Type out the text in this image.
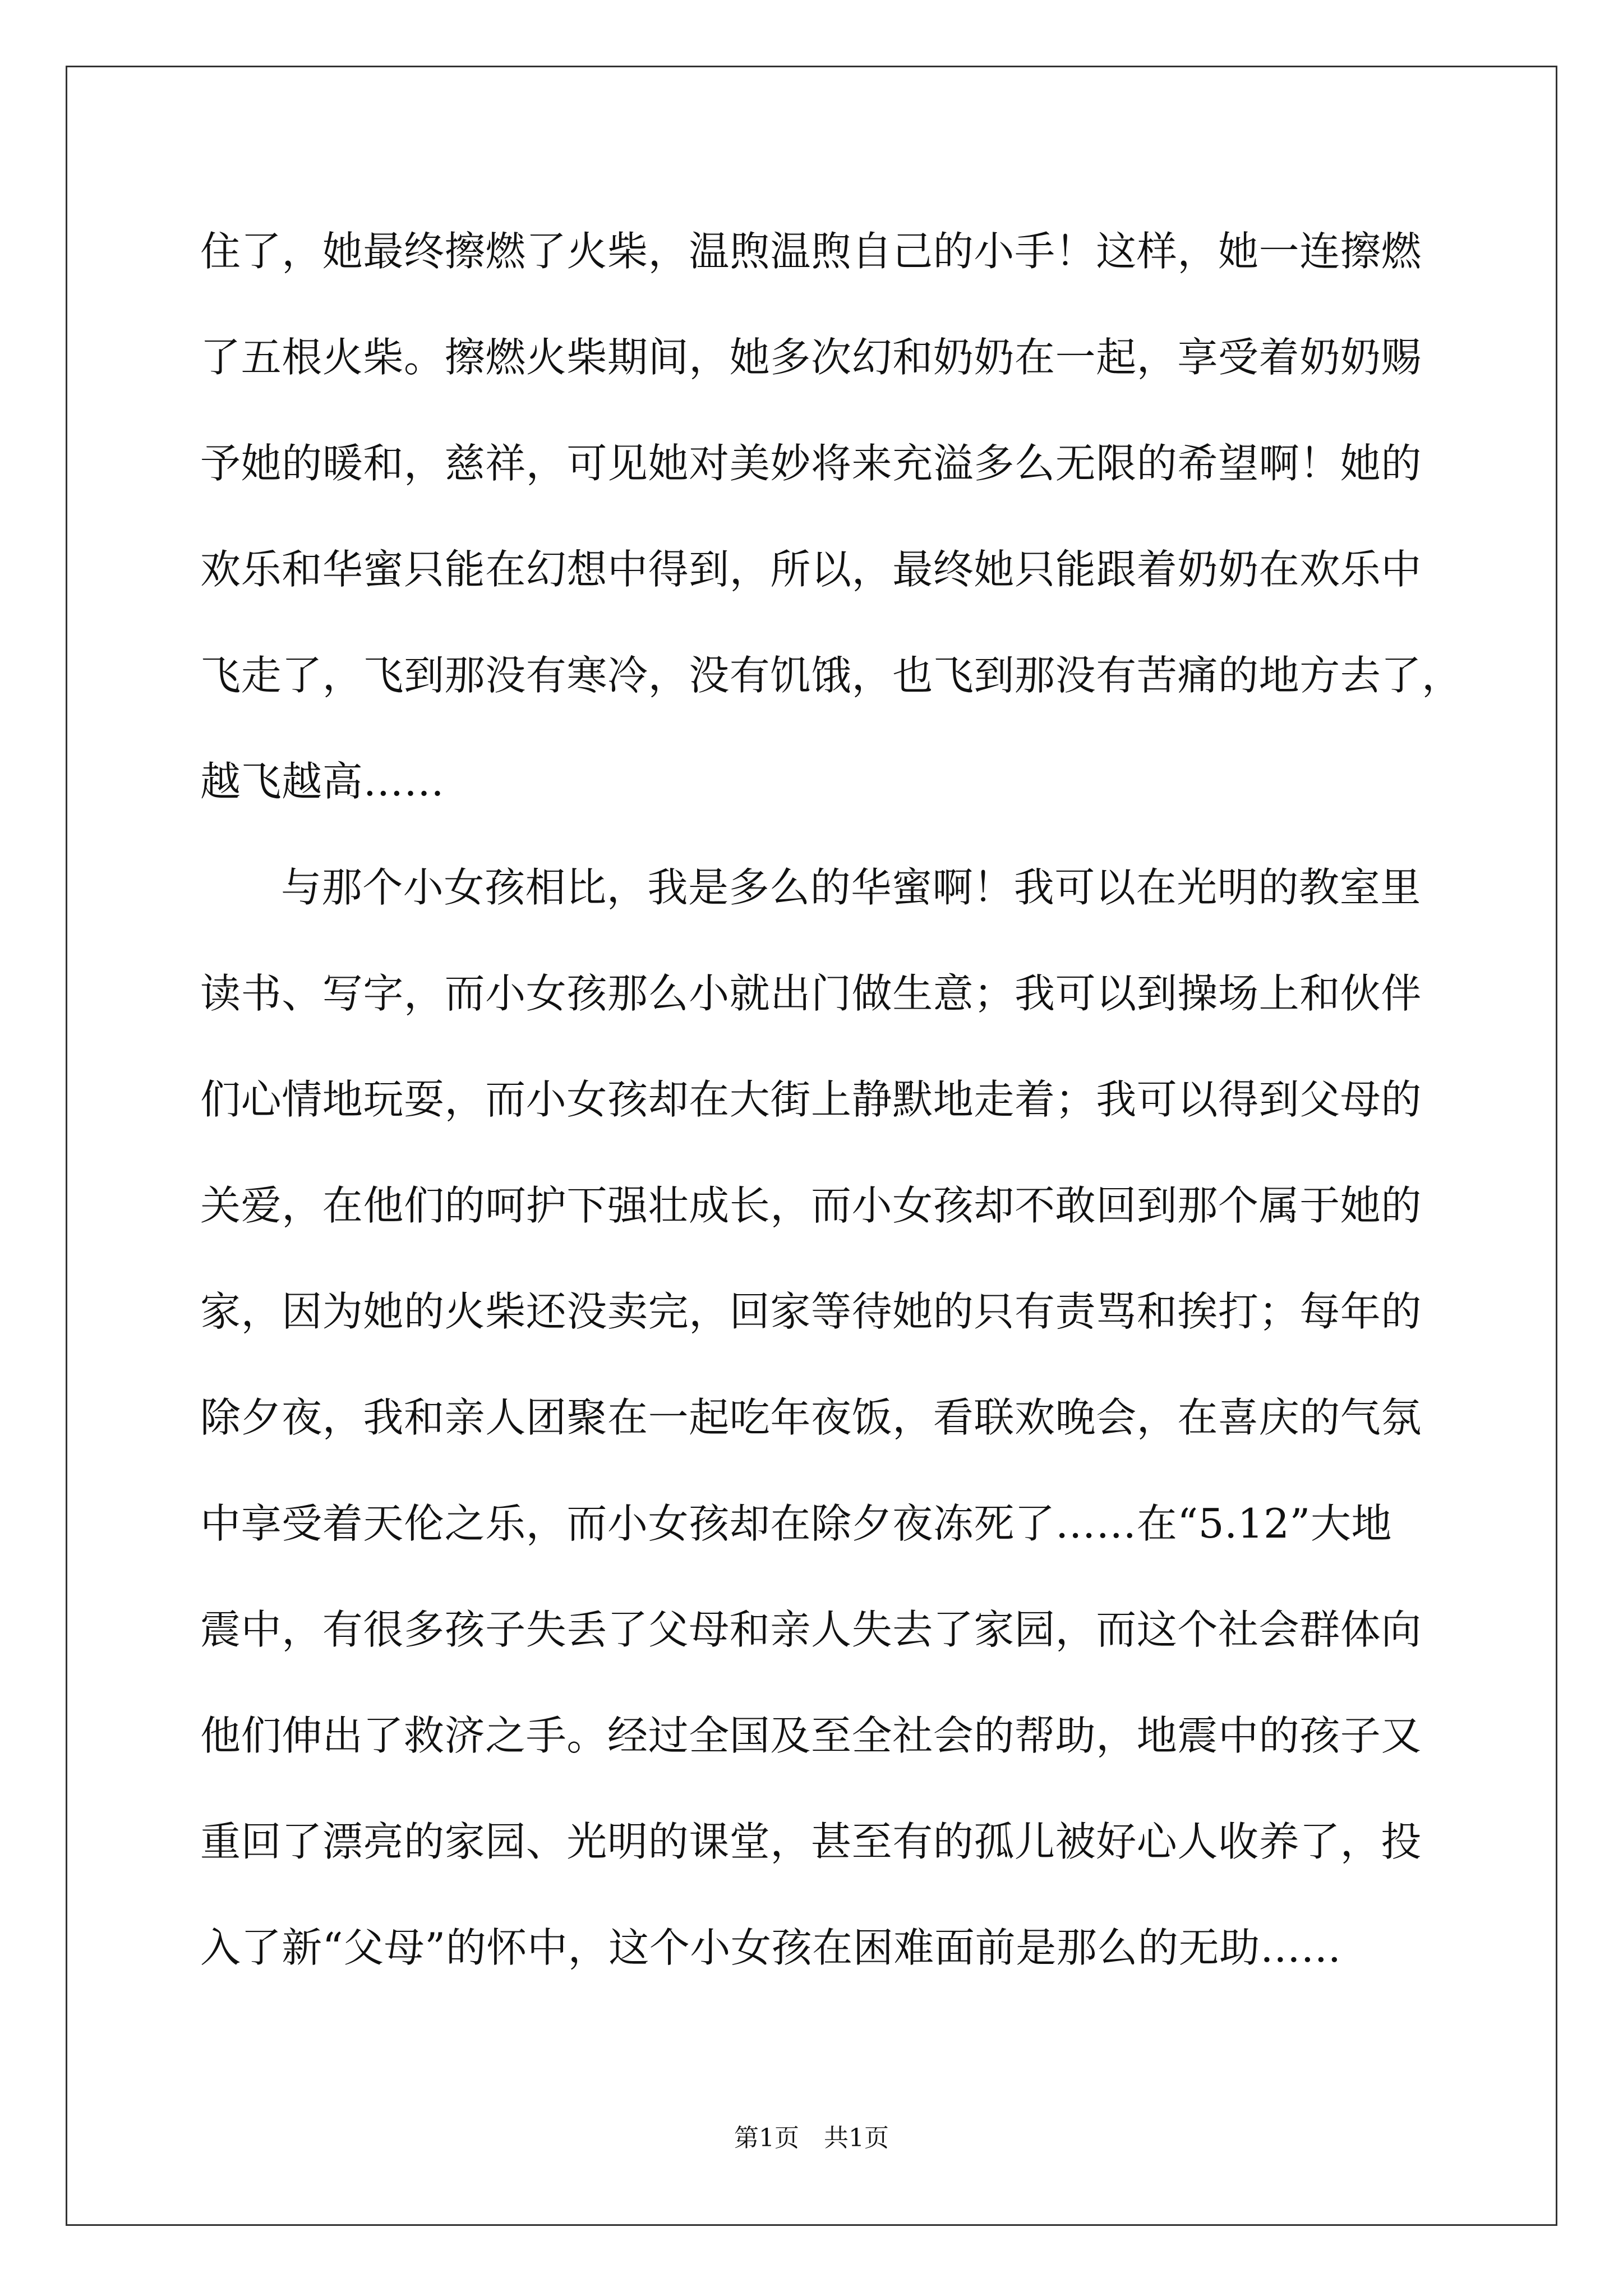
住了，她最终擦燃了火柴，温煦温煦自己的小手！这样，她一连擦燃
了五根火柴。擦燃火柴期间，她多次幻和奶奶在一起，享受着奶奶赐
予她的暖和，慈祥，可见她对美妙将来充溢多么无限的希望啊！她的
欢乐和华蜜只能在幻想中得到，所以，最终她只能跟着奶奶在欢乐中
飞走了，飞到那没有寒冷，没有饥饿，也飞到那没有苦痛的地方去了，
越飞越高……
与那个小女孩相比，我是多么的华蜜啊！我可以在光明的教室里
读书、写字，而小女孩那么小就出门做生意；我可以到操场上和伙伴
们心情地玩耍，而小女孩却在大街上静默地走着；我可以得到父母的
关爱，在他们的呵护下强壮成长，而小女孩却不敢回到那个属于她的
家，因为她的火柴还没卖完，回家等待她的只有责骂和挨打；每年的
除夕夜，我和亲人团聚在一起吃年夜饭，看联欢晚会，在喜庆的气氛
中享受着天伦之乐，而小女孩却在除夕夜冻死了……在“5.12”大地
震中，有很多孩子失丢了父母和亲人失去了家园，而这个社会群体向
他们伸出了救济之手。经过全国及至全社会的帮助，地震中的孩子又
重回了漂亮的家园、光明的课堂，甚至有的孤儿被好心人收养了，投
入了新“父母”的怀中，这个小女孩在困难面前是那么的无助……
第1页　共1页
